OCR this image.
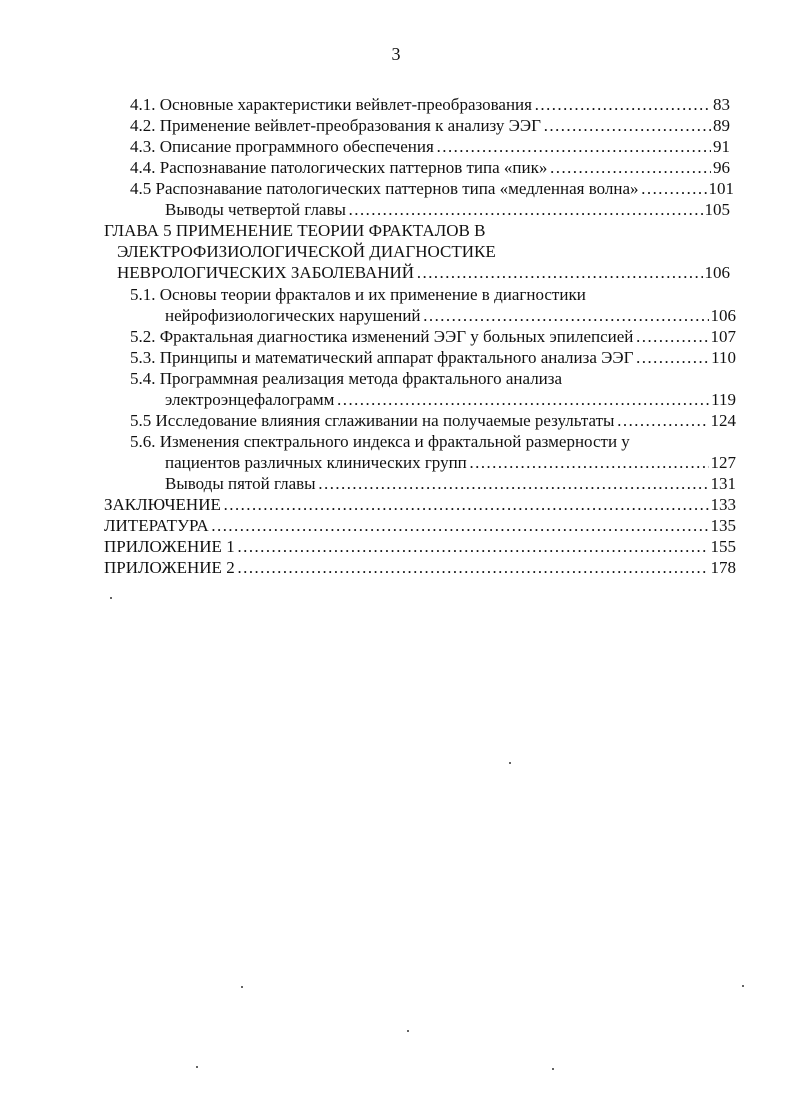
3
4.1. Основные характеристики вейвлет-преобразования ………………………………………………………………………………………………………………………………………………………………………………………………	83
4.2. Применение вейвлет-преобразования к анализу ЭЭГ ………………………………………………………………………………………………………………………………………………………………………………………………	89
4.3. Описание программного обеспечения ………………………………………………………………………………………………………………………………………………………………………………………………	91
4.4. Распознавание патологических паттернов типа «пик» ………………………………………………………………………………………………………………………………………………………………………………………………	96
4.5 Распознавание патологических паттернов типа «медленная волна» ………………………………………………………………………………………………………………………………………………………………………………………………	101
Выводы четвертой главы ………………………………………………………………………………………………………………………………………………………………………………………………	105
ГЛАВА 5 ПРИМЕНЕНИЕ ТЕОРИИ ФРАКТАЛОВ В
ЭЛЕКТРОФИЗИОЛОГИЧЕСКОЙ ДИАГНОСТИКЕ
НЕВРОЛОГИЧЕСКИХ ЗАБОЛЕВАНИЙ ………………………………………………………………………………………………………………………………………………………………………………………………	106
5.1. Основы теории фракталов и их применение в диагностики
нейрофизиологических нарушений ………………………………………………………………………………………………………………………………………………………………………………………………	106
5.2. Фрактальная диагностика изменений ЭЭГ у больных эпилепсией ………………………………………………………………………………………………………………………………………………………………………………………………	107
5.3. Принципы и математический аппарат фрактального анализа ЭЭГ ………………………………………………………………………………………………………………………………………………………………………………………………	110
5.4. Программная реализация метода фрактального анализа
электроэнцефалограмм ………………………………………………………………………………………………………………………………………………………………………………………………	119
5.5 Исследование влияния сглаживании на получаемые результаты ………………………………………………………………………………………………………………………………………………………………………………………………	124
5.6. Изменения спектрального индекса и фрактальной размерности у
пациентов различных клинических групп ………………………………………………………………………………………………………………………………………………………………………………………………	127
Выводы пятой главы ………………………………………………………………………………………………………………………………………………………………………………………………	131
ЗАКЛЮЧЕНИЕ ………………………………………………………………………………………………………………………………………………………………………………………………	133
ЛИТЕРАТУРА ………………………………………………………………………………………………………………………………………………………………………………………………	135
ПРИЛОЖЕНИЕ 1 ………………………………………………………………………………………………………………………………………………………………………………………………	155
ПРИЛОЖЕНИЕ 2 ………………………………………………………………………………………………………………………………………………………………………………………………	178
